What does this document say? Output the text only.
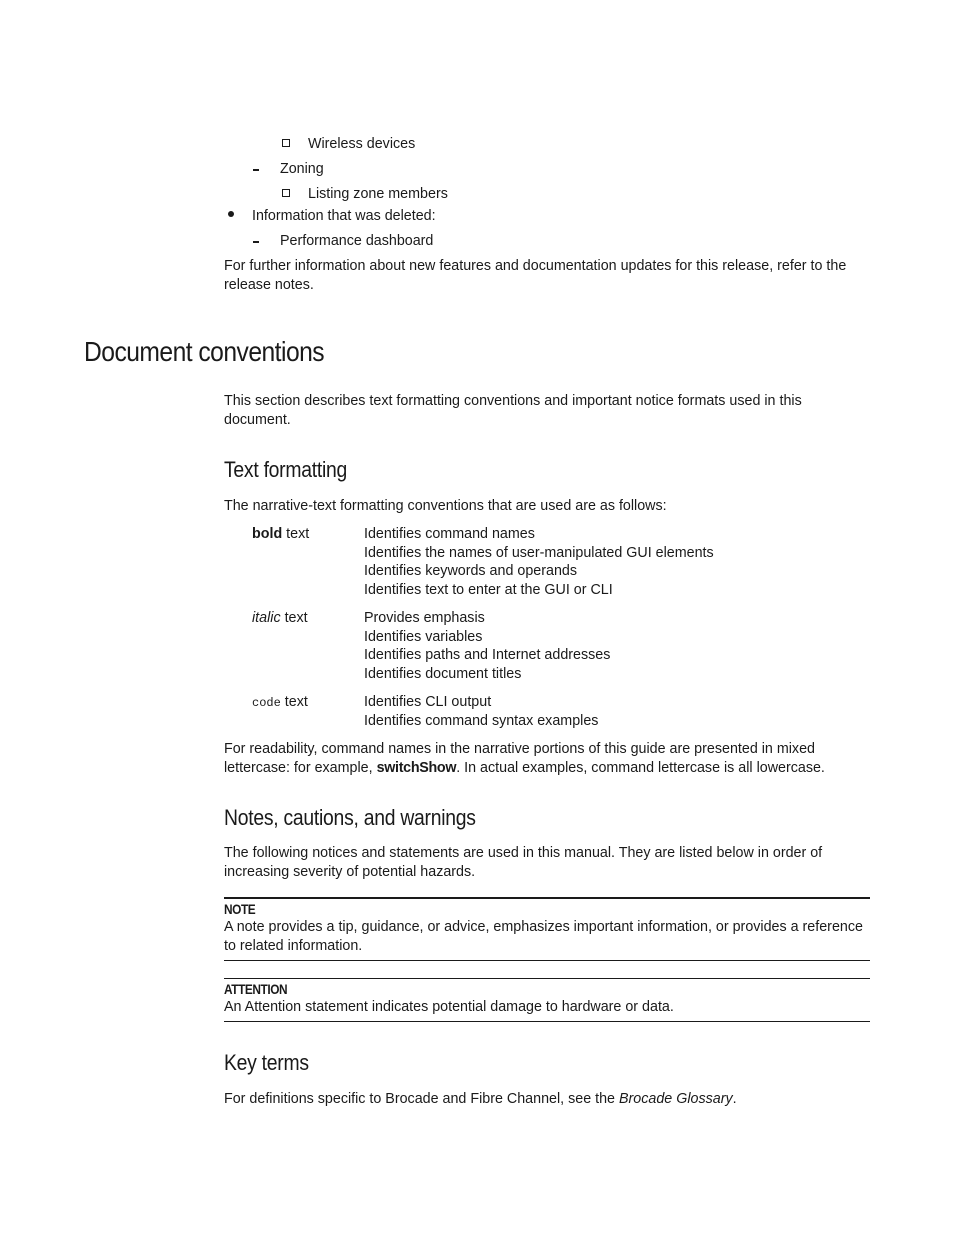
Wireless devices
Zoning
Listing zone members
Information that was deleted:
Performance dashboard
For further information about new features and documentation updates for this release, refer to the release notes.
Document conventions
This section describes text formatting conventions and important notice formats used in this document.
Text formatting
The narrative-text formatting conventions that are used are as follows:
bold text	Identifies command names
Identifies the names of user-manipulated GUI elements
Identifies keywords and operands
Identifies text to enter at the GUI or CLI
italic text	Provides emphasis
Identifies variables
Identifies paths and Internet addresses
Identifies document titles
code text	Identifies CLI output
Identifies command syntax examples
For readability, command names in the narrative portions of this guide are presented in mixed lettercase: for example, switchShow. In actual examples, command lettercase is all lowercase.
Notes, cautions, and warnings
The following notices and statements are used in this manual. They are listed below in order of increasing severity of potential hazards.
NOTE
A note provides a tip, guidance, or advice, emphasizes important information, or provides a reference to related information.
ATTENTION
An Attention statement indicates potential damage to hardware or data.
Key terms
For definitions specific to Brocade and Fibre Channel, see the Brocade Glossary.
